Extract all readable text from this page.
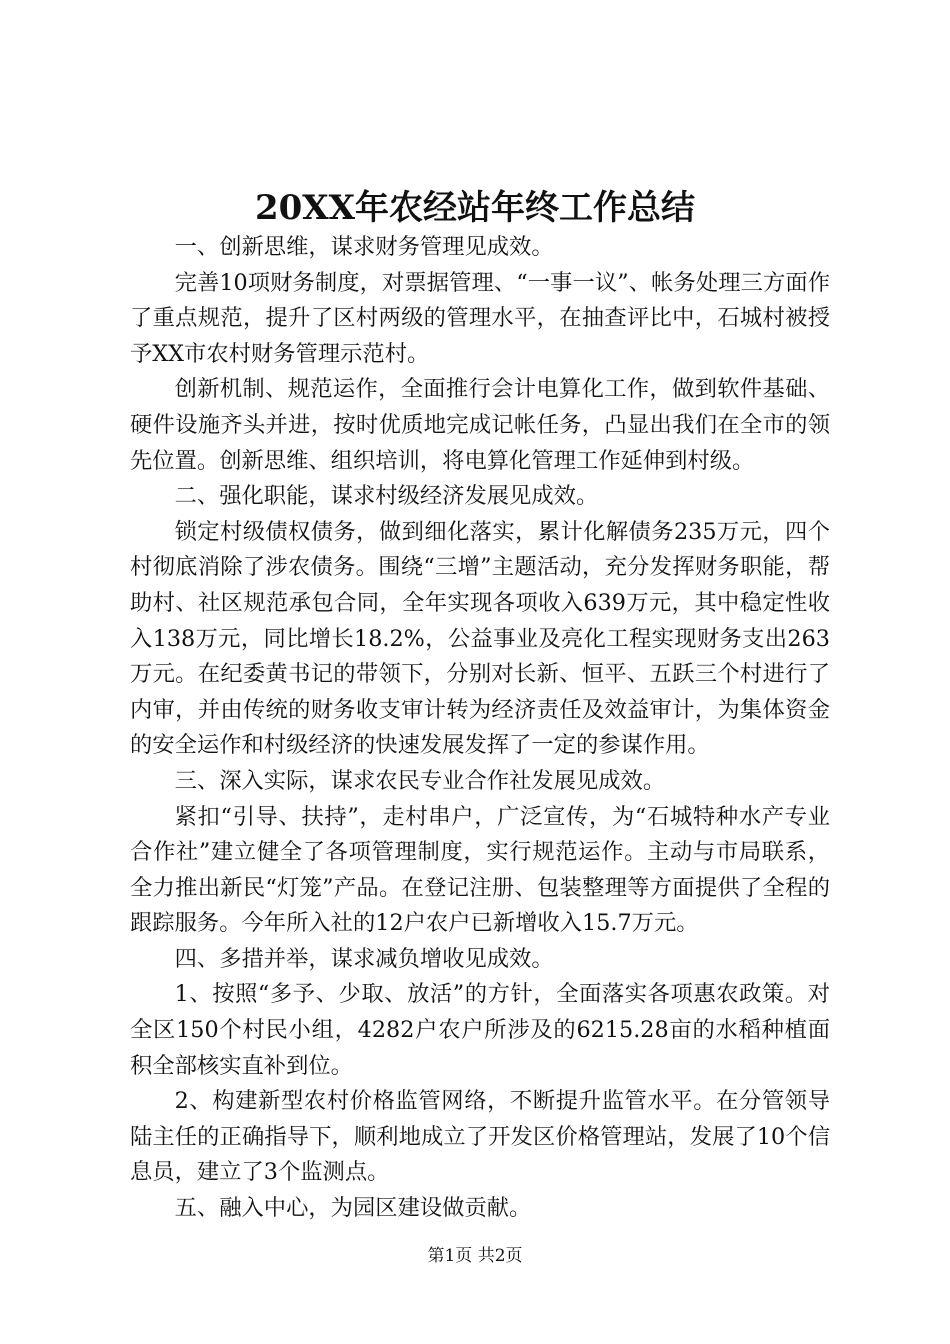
20XX年农经站年终工作总结

一、创新思维，谋求财务管理见成效。

完善10项财务制度，对票据管理、“一事一议”、帐务处理三方面作了重点规范，提升了区村两级的管理水平，在抽查评比中，石城村被授予XX市农村财务管理示范村。

创新机制、规范运作，全面推行会计电算化工作，做到软件基础、硬件设施齐头并进，按时优质地完成记帐任务，凸显出我们在全市的领先位置。创新思维、组织培训，将电算化管理工作延伸到村级。

二、强化职能，谋求村级经济发展见成效。

锁定村级债权债务，做到细化落实，累计化解债务235万元，四个村彻底消除了涉农债务。围绕“三增”主题活动，充分发挥财务职能，帮助村、社区规范承包合同，全年实现各项收入639万元，其中稳定性收入138万元，同比增长18.2%，公益事业及亮化工程实现财务支出263万元。在纪委黄书记的带领下，分别对长新、恒平、五跃三个村进行了内审，并由传统的财务收支审计转为经济责任及效益审计，为集体资金的安全运作和村级经济的快速发展发挥了一定的参谋作用。

三、深入实际，谋求农民专业合作社发展见成效。

紧扣“引导、扶持”，走村串户，广泛宣传，为“石城特种水产专业合作社”建立健全了各项管理制度，实行规范运作。主动与市局联系，全力推出新民“灯笼”产品。在登记注册、包装整理等方面提供了全程的跟踪服务。今年所入社的12户农户已新增收入15.7万元。

四、多措并举，谋求减负增收见成效。

1、按照“多予、少取、放活”的方针，全面落实各项惠农政策。对全区150个村民小组，4282户农户所涉及的6215.28亩的水稻种植面积全部核实直补到位。

2、构建新型农村价格监管网络，不断提升监管水平。在分管领导陆主任的正确指导下，顺利地成立了开发区价格管理站，发展了10个信息员，建立了3个监测点。

五、融入中心，为园区建设做贡献。

第1页 共2页
